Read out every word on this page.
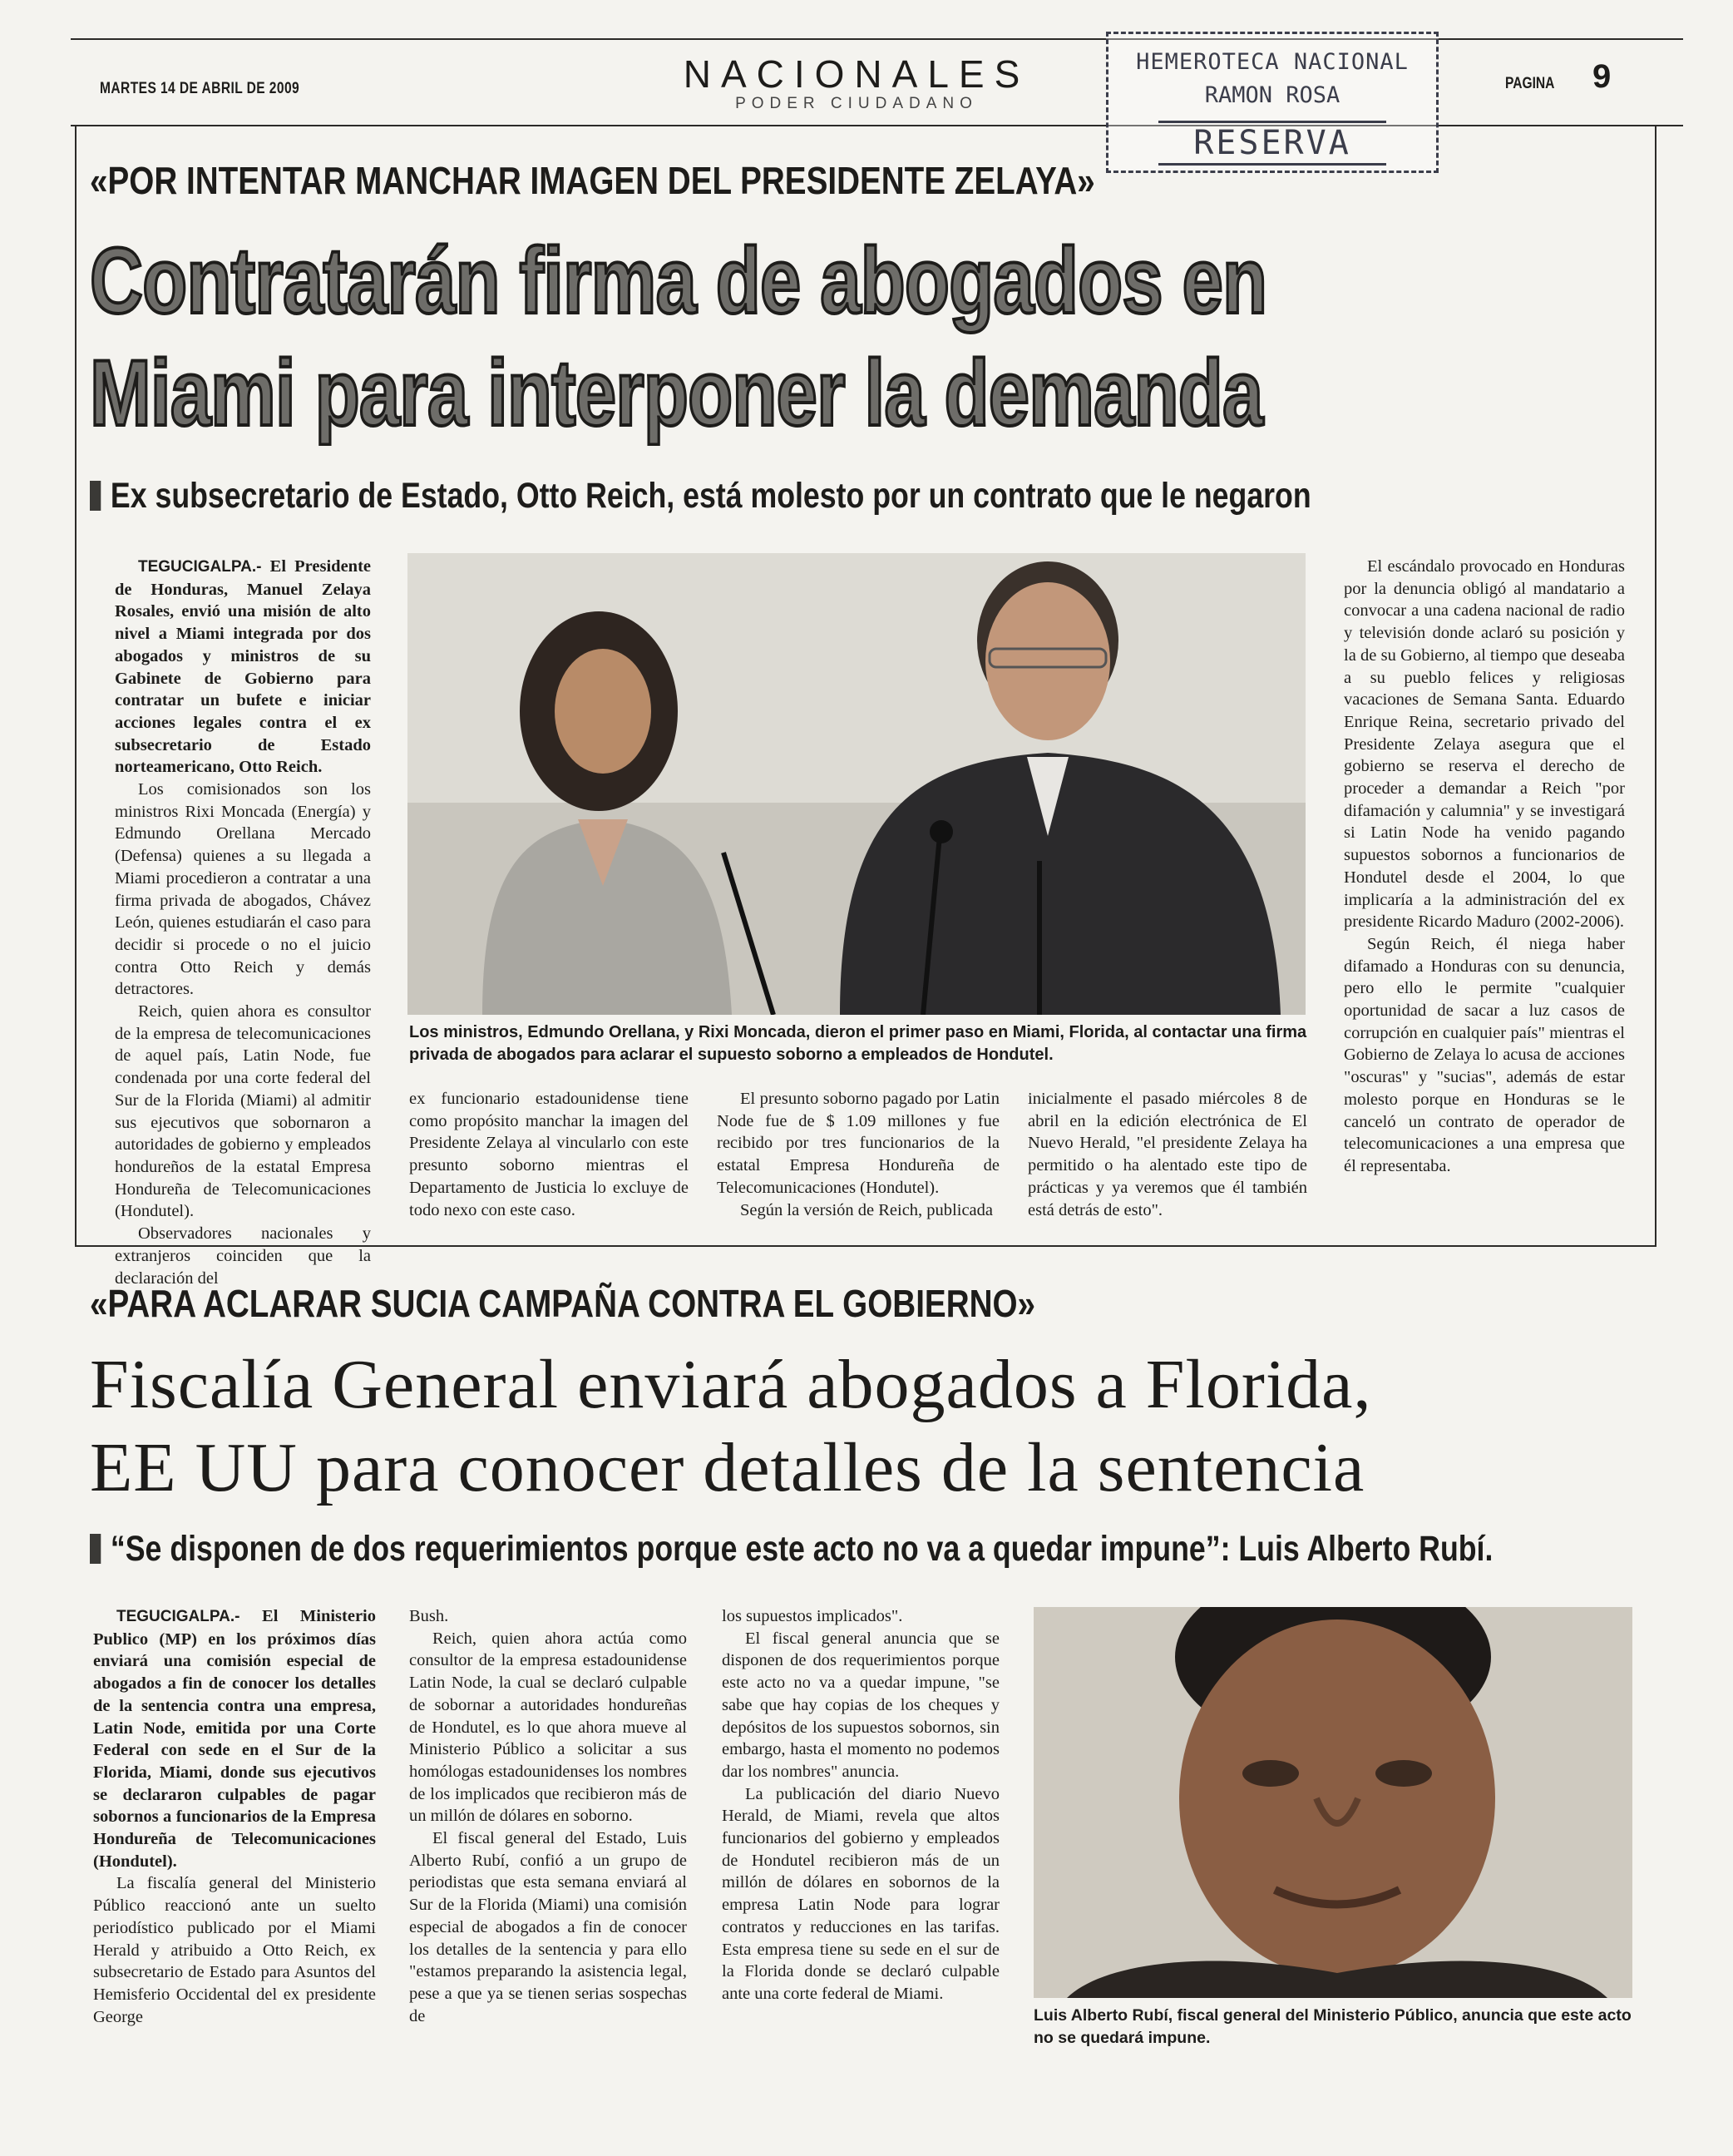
MARTES 14 DE ABRIL DE 2009	NACIONALES
PODER CIUDADANO
PAGINA 9
HEMEROTECA NACIONAL
RAMON ROSA
RESERVA
«POR INTENTAR MANCHAR IMAGEN DEL PRESIDENTE ZELAYA»
Contratarán firma de abogados en
Miami para interponer la demanda
Ex subsecretario de Estado, Otto Reich, está molesto por un contrato que le negaron

TEGUCIGALPA.- El Presidente de Honduras, Manuel Zelaya Rosales, envió una misión de alto nivel a Miami integrada por dos abogados y ministros de su Gabinete de Gobierno para contratar un bufete e iniciar acciones legales contra el ex subsecretario de Estado norteamericano, Otto Reich.

Los comisionados son los ministros Rixi Moncada (Energía) y Edmundo Orellana Mercado (Defensa) quienes a su llegada a Miami procedieron a contratar a una firma privada de abogados, Chávez León, quienes estudiarán el caso para decidir si procede o no el juicio contra Otto Reich y demás detractores.

Reich, quien ahora es consultor de la empresa de telecomunicaciones de aquel país, Latin Node, fue condenada por una corte federal del Sur de la Florida (Miami) al admitir sus ejecutivos que sobornaron a autoridades de gobierno y empleados hondureños de la estatal Empresa Hondureña de Telecomunicaciones (Hondutel).

Observadores nacionales y extranjeros coinciden que la declaración del

Los ministros, Edmundo Orellana, y Rixi Moncada, dieron el primer paso en Miami, Florida, al contactar una firma privada de abogados para aclarar el supuesto soborno a empleados de Hondutel.

ex funcionario estadounidense tiene como propósito manchar la imagen del Presidente Zelaya al vincularlo con este presunto soborno mientras el Departamento de Justicia lo excluye de todo nexo con este caso.

El presunto soborno pagado por Latin Node fue de $ 1.09 millones y fue recibido por tres funcionarios de la estatal Empresa Hondureña de Telecomunicaciones (Hondutel).

Según la versión de Reich, publicada

inicialmente el pasado miércoles 8 de abril en la edición electrónica de El Nuevo Herald, "el presidente Zelaya ha permitido o ha alentado este tipo de prácticas y ya veremos que él también está detrás de esto".

El escándalo provocado en Honduras por la denuncia obligó al mandatario a convocar a una cadena nacional de radio y televisión donde aclaró su posición y la de su Gobierno, al tiempo que deseaba a su pueblo felices y religiosas vacaciones de Semana Santa. Eduardo Enrique Reina, secretario privado del Presidente Zelaya asegura que el gobierno se reserva el derecho de proceder a demandar a Reich "por difamación y calumnia" y se investigará si Latin Node ha venido pagando supuestos sobornos a funcionarios de Hondutel desde el 2004, lo que implicaría a la administración del ex presidente Ricardo Maduro (2002-2006).

Según Reich, él niega haber difamado a Honduras con su denuncia, pero ello le permite "cualquier oportunidad de sacar a luz casos de corrupción en cualquier país" mientras el Gobierno de Zelaya lo acusa de acciones "oscuras" y "sucias", además de estar molesto porque en Honduras se le canceló un contrato de operador de telecomunicaciones a una empresa que él representaba.

«PARA ACLARAR SUCIA CAMPAÑA CONTRA EL GOBIERNO»
Fiscalía General enviará abogados a Florida,
EE UU para conocer detalles de la sentencia
“Se disponen de dos requerimientos porque este acto no va a quedar impune”: Luis Alberto Rubí.

TEGUCIGALPA.- El Ministerio Publico (MP) en los próximos días enviará una comisión especial de abogados a fin de conocer los detalles de la sentencia contra una empresa, Latin Node, emitida por una Corte Federal con sede en el Sur de la Florida, Miami, donde sus ejecutivos se declararon culpables de pagar sobornos a funcionarios de la Empresa Hondureña de Telecomunicaciones (Hondutel).

La fiscalía general del Ministerio Público reaccionó ante un suelto periodístico publicado por el Miami Herald y atribuido a Otto Reich, ex subsecretario de Estado para Asuntos del Hemisferio Occidental del ex presidente George

Bush.

Reich, quien ahora actúa como consultor de la empresa estadounidense Latin Node, la cual se declaró culpable de sobornar a autoridades hondureñas de Hondutel, es lo que ahora mueve al Ministerio Público a solicitar a sus homólogas estadounidenses los nombres de los implicados que recibieron más de un millón de dólares en soborno.

El fiscal general del Estado, Luis Alberto Rubí, confió a un grupo de periodistas que esta semana enviará al Sur de la Florida (Miami) una comisión especial de abogados a fin de conocer los detalles de la sentencia y para ello "estamos preparando la asistencia legal, pese a que ya se tienen serias sospechas de

los supuestos implicados".

El fiscal general anuncia que se disponen de dos requerimientos porque este acto no va a quedar impune, "se sabe que hay copias de los cheques y depósitos de los supuestos sobornos, sin embargo, hasta el momento no podemos dar los nombres" anuncia.

La publicación del diario Nuevo Herald, de Miami, revela que altos funcionarios del gobierno y empleados de Hondutel recibieron más de un millón de dólares en sobornos de la empresa Latin Node para lograr contratos y reducciones en las tarifas. Esta empresa tiene su sede en el sur de la Florida donde se declaró culpable ante una corte federal de Miami.

Luis Alberto Rubí, fiscal general del Ministerio Público, anuncia que este acto no se quedará impune.
